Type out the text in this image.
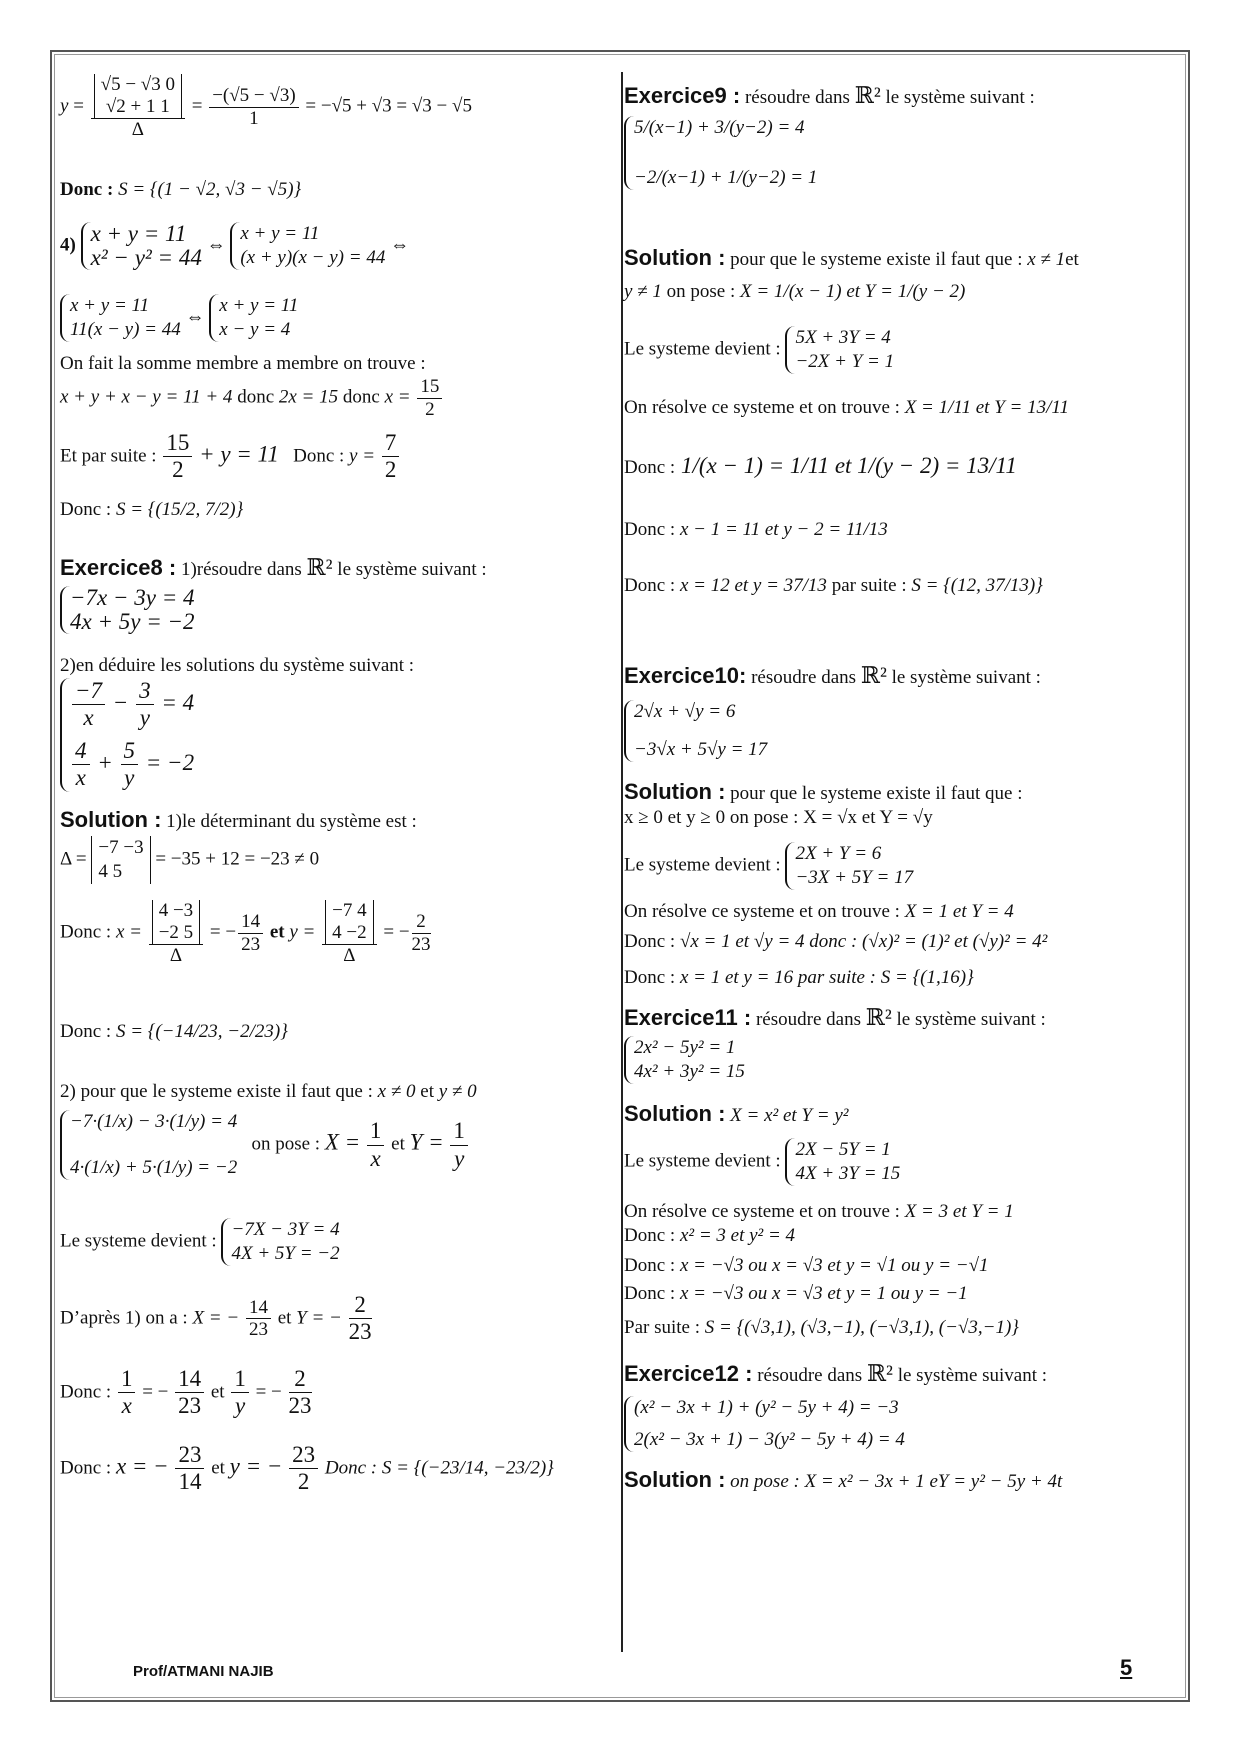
y = √5 − √3 0
√2 + 1 1
$\Delta = \frac{-(√5 - √3)}{1} = -√5 + √3 = √3 - √5$
Donc : S = {(1 − √2, √3 − √5)}
4) x + y = 11
x² − y² = 44
⇔
x + y = 11
(x + y)(x − y) = 44
⇔
x + y = 11
11(x − y) = 44
⇔
x + y = 11
x − y = 4
On fait la somme membre a membre on trouve :
x + y + x − y = 11 + 4 donc 2x = 15 donc $x = \frac{15}{2}$
Et par suite : $\frac{15}{2} + y = 11$ Donc : $y = \frac{7}{2}$
Donc : S = {(15/2, 7/2)}
Exercice8 : 1)résoudre dans ℝ² le système suivant :
−7x − 3y = 4
4x + 5y = −2
2)en déduire les solutions du système suivant :
$\frac{-7}{x} - \frac{3}{y} = 4$
$\frac{4}{x} + \frac{5}{y} = -2$
Solution : 1)le déterminant du système est :
Δ =
−7 −3
4 5
= −35 + 12 = −23 ≠ 0
Donc : x = 4 −3
−2 5
Δ = − $\frac{14}{23}$ et y = −7 4
4 −2
Δ = − $\frac{2}{23}$
Donc : S = {(−14/23, −2/23)}
2) pour que le systeme existe il faut que : x ≠ 0 et y ≠ 0
−7·(1/x) − 3·(1/y) = 4
4·(1/x) + 5·(1/y) = −2
on pose : $X = \frac{1}{x}$ et $Y = \frac{1}{y}$
Le systeme devient :
−7X − 3Y = 4
4X + 5Y = −2
D’après 1) on a : X = − $\frac{14}{23}$ et Y = − $\frac{2}{23}$
Donc : $\frac{1}{x}$ = − $\frac{14}{23}$ et $\frac{1}{y}$ = − $\frac{2}{23}$
Donc : x = − $\frac{23}{14}$ et y = − $\frac{23}{2}$ Donc : S = {(−23/14, −23/2)}
Exercice9 : résoudre dans ℝ² le système suivant :
5/(x−1) + 3/(y−2) = 4
−2/(x−1) + 1/(y−2) = 1
Solution : pour que le systeme existe il faut que : x ≠ 1et
y ≠ 1 on pose : X = 1/(x − 1) et Y = 1/(y − 2)
Le systeme devient :
5X + 3Y = 4
−2X + Y = 1
On résolve ce systeme et on trouve : X = 1/11 et Y = 13/11
Donc : 1/(x − 1) = 1/11 et 1/(y − 2) = 13/11
Donc : x − 1 = 11 et y − 2 = 11/13
Donc : x = 12 et y = 37/13 par suite : S = {(12, 37/13)}
Exercice10: résoudre dans ℝ² le système suivant :
2√x + √y = 6
−3√x + 5√y = 17
Solution : pour que le systeme existe il faut que :
x ≥ 0 et y ≥ 0 on pose : X = √x et Y = √y
Le systeme devient :
2X + Y = 6
−3X + 5Y = 17
On résolve ce systeme et on trouve : X = 1 et Y = 4
Donc : √x = 1 et √y = 4 donc : (√x)² = (1)² et (√y)² = 4²
Donc : x = 1 et y = 16 par suite : S = {(1,16)}
Exercice11 : résoudre dans ℝ² le système suivant :
2x² − 5y² = 1
4x² + 3y² = 15
Solution : X = x² et Y = y²
Le systeme devient :
2X − 5Y = 1
4X + 3Y = 15
On résolve ce systeme et on trouve : X = 3 et Y = 1
Donc : x² = 3 et y² = 4
Donc : x = −√3 ou x = √3 et y = √1 ou y = −√1
Donc : x = −√3 ou x = √3 et y = 1 ou y = −1
Par suite : S = {(√3,1), (√3,−1), (−√3,1), (−√3,−1)}
Exercice12 : résoudre dans ℝ² le système suivant :
(x² − 3x + 1) + (y² − 5y + 4) = −3
2(x² − 3x + 1) − 3(y² − 5y + 4) = 4
Solution : on pose : X = x² − 3x + 1 eY = y² − 5y + 4t
Prof/ATMANI NAJIB	5
